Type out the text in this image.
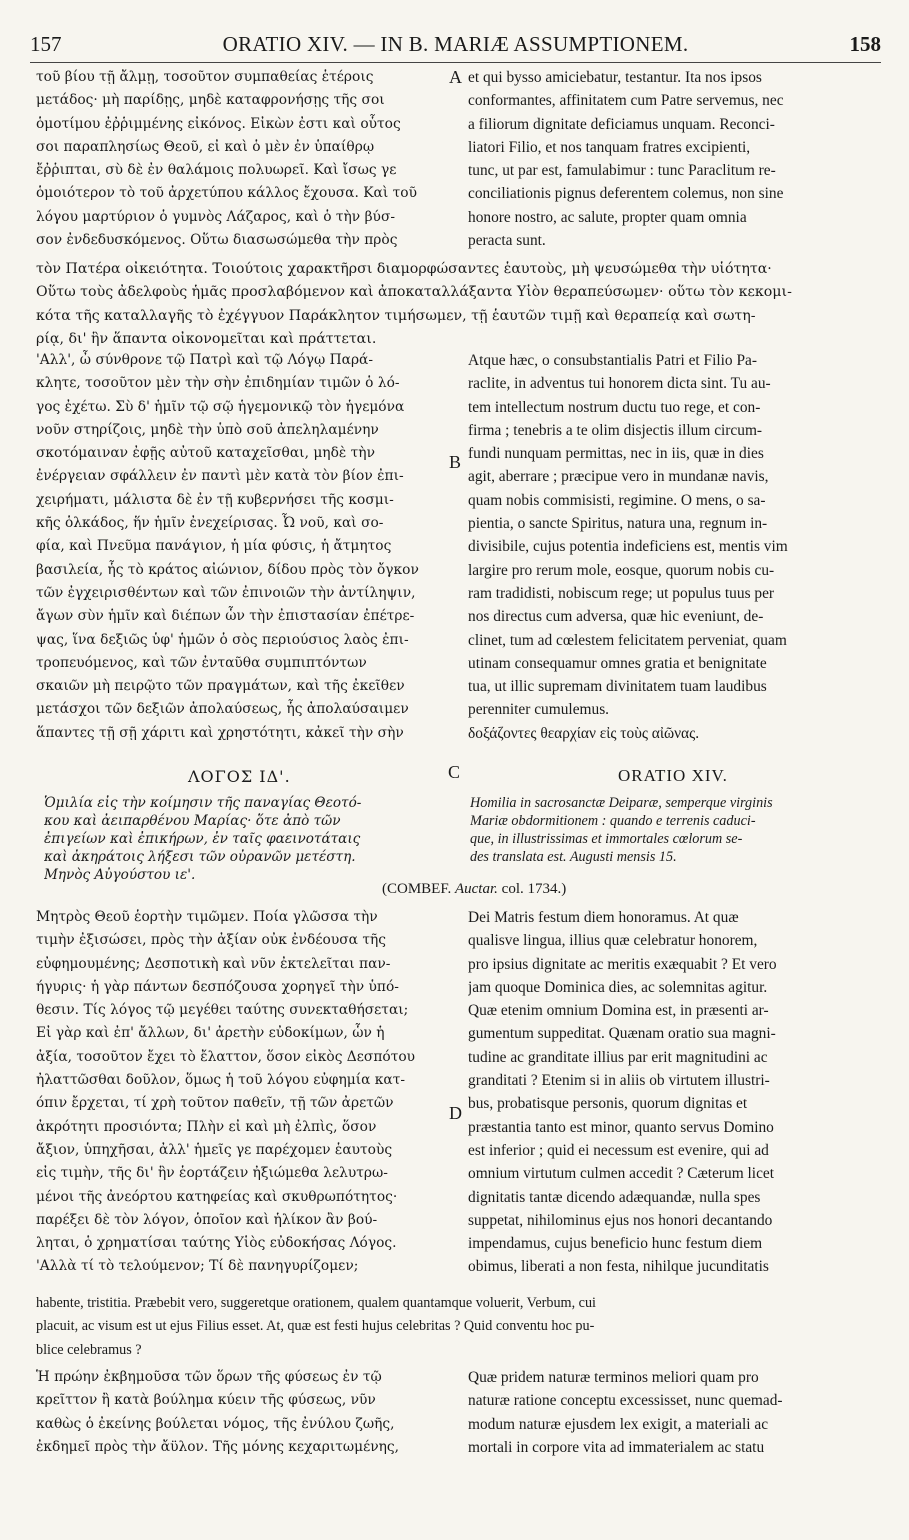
157	ORATIO XIV. — IN B. MARIÆ ASSUMPTIONEM.	158
τοῦ βίου τῇ ἄλμῃ, τοσοῦτον συμπαθείας ἑτέροις
μετάδος· μὴ παρίδῃς, μηδὲ καταφρονήσῃς τῆς σοι
ὁμοτίμου ἐῤῥιμμένης εἰκόνος. Εἰκὼν ἐστι καὶ οὗτος
σοι παραπλησίως Θεοῦ, εἰ καὶ ὁ μὲν ἐν ὑπαίθρῳ
ἔῤῥιπται, σὺ δὲ ἐν θαλάμοις πολυωρεῖ. Καὶ ἴσως γε
ὁμοιότερον τὸ τοῦ ἀρχετύπου κάλλος ἔχουσα. Καὶ τοῦ
λόγου μαρτύριον ὁ γυμνὸς Λάζαρος, καὶ ὁ τὴν βύσ-
σον ἐνδεδυσκόμενος. Οὕτω διασωσώμεθα τὴν πρὸς
A et qui bysso amiciebatur, testantur. Ita nos ipsos
conformantes, affinitatem cum Patre servemus, nec
a filiorum dignitate deficiamus unquam. Reconci-
liatori Filio, et nos tanquam fratres excipienti,
tunc, ut par est, famulabimur : tunc Paraclitum re-
conciliationis pignus deferentem colemus, non sine
honore nostro, ac salute, propter quam omnia
peracta sunt.
τὸν Πατέρα οἰκειότητα. Τοιούτοις χαρακτῆρσι διαμορφώσαντες ἑαυτοὺς, μὴ ψευσώμεθα τὴν υἱότητα·
Οὕτω τοὺς ἀδελφοὺς ἡμᾶς προσλαβόμενον καὶ ἀποκαταλλάξαντα Υἱὸν θεραπεύσωμεν· οὕτω τὸν κεκομι-
κότα τῆς καταλλαγῆς τὸ ἐχέγγυον Παράκλητον τιμήσωμεν, τῇ ἑαυτῶν τιμῇ καὶ θεραπείᾳ καὶ σωτη-
ρίᾳ, δι' ἣν ἅπαντα οἰκονομεῖται καὶ πράττεται.
'Αλλ', ὦ σύνθρονε τῷ Πατρὶ καὶ τῷ Λόγῳ Παρά-
κλητε, τοσοῦτον μὲν τὴν σὴν ἐπιδημίαν τιμῶν ὁ λό-
γος ἐχέτω. Σὺ δ' ἡμῖν τῷ σῷ ἡγεμονικῷ τὸν ἡγεμόνα
νοῦν στηρίζοις, μηδὲ τὴν ὑπὸ σοῦ ἀπεληλαμένην
σκοτόμαιναν ἐφῇς αὐτοῦ καταχεῖσθαι, μηδὲ τὴν
ἐνέργειαν σφάλλειν ἐν παντὶ μὲν κατὰ τὸν βίον ἐπι-
χειρήματι, μάλιστα δὲ ἐν τῇ κυβερνήσει τῆς κοσμι-
κῆς ὁλκάδος, ἥν ἡμῖν ἐνεχείρισας. Ὦ νοῦ, καὶ σο-
φία, καὶ Πνεῦμα πανάγιον, ἡ μία φύσις, ἡ ἄτμητος
βασιλεία, ἧς τὸ κράτος αἰώνιον, δίδου πρὸς τὸν ὄγκον
τῶν ἐγχειρισθέντων καὶ τῶν ἐπινοιῶν τὴν ἀντίληψιν,
ἄγων σὺν ἡμῖν καὶ διέπων ὧν τὴν ἐπιστασίαν ἐπέτρε-
ψας, ἵνα δεξιῶς ὑφ' ἡμῶν ὁ σὸς περιούσιος λαὸς ἐπι-
τροπευόμενος, καὶ τῶν ἐνταῦθα συμπιπτόντων
σκαιῶν μὴ πειρῷτο τῶν πραγμάτων, καὶ τῆς ἐκεῖθεν
μετάσχοι τῶν δεξιῶν ἀπολαύσεως, ἧς ἀπολαύσαιμεν
ἅπαντες τῇ σῇ χάριτι καὶ χρηστότητι, κἀκεῖ τὴν σὴν
B
Atque hæc, o consubstantialis Patri et Filio Pa-
raclite, in adventus tui honorem dicta sint. Tu au-
tem intellectum nostrum ductu tuo rege, et con-
firma ; tenebris a te olim disjectis illum circum-
fundi nunquam permittas, nec in iis, quæ in dies
agit, aberrare ; præcipue vero in mundanæ navis,
quam nobis commisisti, regimine. O mens, o sa-
pientia, o sancte Spiritus, natura una, regnum in-
divisibile, cujus potentia indeficiens est, mentis vim
largire pro rerum mole, eosque, quorum nobis cu-
ram tradidisti, nobiscum rege; ut populus tuus per
nos directus cum adversa, quæ hic eveniunt, de-
clinet, tum ad cœlestem felicitatem perveniat, quam
utinam consequamur omnes gratia et benignitate
tua, ut illic supremam divinitatem tuam laudibus
perenniter cumulemus.
δοξάζοντες θεαρχίαν εἰς τοὺς αἰῶνας.
ΛΟΓΟΣ ΙΔ'.	C	ORATIO XIV.
Ὁμιλία εἰς τὴν κοίμησιν τῆς παναγίας Θεοτό-
κου καὶ ἀειπαρθένου Μαρίας· ὅτε ἀπὸ τῶν
ἐπιγείων καὶ ἐπικήρων, ἐν ταῖς φαεινοτάταις
καὶ ἀκηράτοις λήξεσι τῶν οὐρανῶν μετέστη.
Μηνὸς Αὐγούστου ιε'.
Homilia in sacrosanctæ Deiparæ, semperque virginis
Mariæ obdormitionem : quando e terrenis caduci-
que, in illustrissimas et immortales cœlorum se-
des translata est. Augusti mensis 15.
(COMBEF. Auctar. col. 1734.)
Μητρὸς Θεοῦ ἑορτὴν τιμῶμεν. Ποία γλῶσσα τὴν
τιμὴν ἐξισώσει, πρὸς τὴν ἀξίαν οὐκ ἐνδέουσα τῆς
εὐφημουμένης; Δεσποτικὴ καὶ νῦν ἐκτελεῖται παν-
ήγυρις· ἡ γὰρ πάντων δεσπόζουσα χορηγεῖ τὴν ὑπό-
θεσιν. Τίς λόγος τῷ μεγέθει ταύτης συνεκταθήσεται;
Εἰ γὰρ καὶ ἐπ' ἄλλων, δι' ἀρετὴν εὐδοκίμων, ὧν ἡ
ἀξία, τοσοῦτον ἔχει τὸ ἔλαττον, ὅσον εἰκὸς Δεσπότου
ἠλαττῶσθαι δοῦλον, ὅμως ἡ τοῦ λόγου εὐφημία κατ-
όπιν ἔρχεται, τί χρὴ τοῦτον παθεῖν, τῇ τῶν ἀρετῶν
ἀκρότητι προσιόντα; Πλὴν εἰ καὶ μὴ ἐλπὶς, ὅσον
ἄξιον, ὑπηχῆσαι, ἀλλ' ἡμεῖς γε παρέχομεν ἑαυτοὺς
εἰς τιμὴν, τῆς δι' ἣν ἑορτάζειν ἠξιώμεθα λελυτρω-
μένοι τῆς ἀνεόρτου κατηφείας καὶ σκυθρωπότητος·
παρέξει δὲ τὸν λόγον, ὁποῖον καὶ ἡλίκον ἂν βού-
ληται, ὁ χρηματίσαι ταύτης Υἱὸς εὐδοκήσας Λόγος.
'Αλλὰ τί τὸ τελούμενον; Τί δὲ πανηγυρίζομεν;
D
Dei Matris festum diem honoramus. At quæ
qualisve lingua, illius quæ celebratur honorem,
pro ipsius dignitate ac meritis exæquabit ? Et vero
jam quoque Dominica dies, ac solemnitas agitur.
Quæ etenim omnium Domina est, in præsenti ar-
gumentum suppeditat. Quænam oratio sua magni-
tudine ac granditate illius par erit magnitudini ac
granditati ? Etenim si in aliis ob virtutem illustri-
bus, probatisque personis, quorum dignitas et
præstantia tanto est minor, quanto servus Domino
est inferior ; quid ei necessum est evenire, qui ad
omnium virtutum culmen accedit ? Cæterum licet
dignitatis tantæ dicendo adæquandæ, nulla spes
suppetat, nihilominus ejus nos honori decantando
impendamus, cujus beneficio hunc festum diem
obimus, liberati a non festa, nihilque jucunditatis
habente, tristitia. Præbebit vero, suggeretque orationem, qualem quantamque voluerit, Verbum, cui
placuit, ac visum est ut ejus Filius esset. At, quæ est festi hujus celebritas ? Quid conventu hoc pu-
blice celebramus ?
Ἡ πρώην ἐκβημοῦσα τῶν ὅρων τῆς φύσεως ἐν τῷ
κρεῖττον ἢ κατὰ βούλημα κύειν τῆς φύσεως, νῦν
καθὼς ὁ ἐκείνης βούλεται νόμος, τῆς ἐνύλου ζωῆς,
ἐκδημεῖ πρὸς τὴν ἄϋλον. Τῆς μόνης κεχαριτωμένης,
Quæ pridem naturæ terminos meliori quam pro
naturæ ratione conceptu excessisset, nunc quemad-
modum naturæ ejusdem lex exigit, a materiali ac
mortali in corpore vita ad immaterialem ac statu
